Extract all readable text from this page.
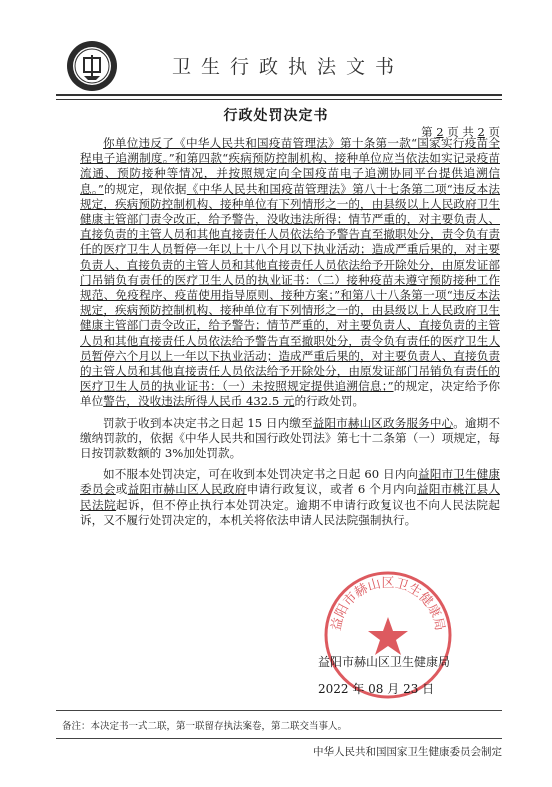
卫生行政执法文书
行政处罚决定书
第 2 页 共 2 页

你单位违反了《中华人民共和国疫苗管理法》第十条第一款“国家实行疫苗全程电子追溯制度。”和第四款“疾病预防控制机构、接种单位应当依法如实记录疫苗流通、预防接种等情况，并按照规定向全国疫苗电子追溯协同平台提供追溯信息。”的规定，现依据《中华人民共和国疫苗管理法》第八十七条第二项“违反本法规定，疾病预防控制机构、接种单位有下列情形之一的，由县级以上人民政府卫生健康主管部门责令改正，给予警告，没收违法所得；情节严重的，对主要负责人、直接负责的主管人员和其他直接责任人员依法给予警告直至撤职处分，责令负有责任的医疗卫生人员暂停一年以上十八个月以下执业活动；造成严重后果的，对主要负责人、直接负责的主管人员和其他直接责任人员依法给予开除处分，由原发证部门吊销负有责任的医疗卫生人员的执业证书：（二）接种疫苗未遵守预防接种工作规范、免疫程序、疫苗使用指导原则、接种方案；”和第八十八条第一项“违反本法规定，疾病预防控制机构、接种单位有下列情形之一的，由县级以上人民政府卫生健康主管部门责令改正，给予警告；情节严重的，对主要负责人、直接负责的主管人员和其他直接责任人员依法给予警告直至撤职处分，责令负有责任的医疗卫生人员暂停六个月以上一年以下执业活动；造成严重后果的，对主要负责人、直接负责的主管人员和其他直接责任人员依法给予开除处分，由原发证部门吊销负有责任的医疗卫生人员的执业证书：（一）未按照规定提供追溯信息；”的规定，决定给予你单位警告，没收违法所得人民币 432.5 元的行政处罚。

罚款于收到本决定书之日起 15 日内缴至益阳市赫山区政务服务中心。逾期不缴纳罚款的，依据《中华人民共和国行政处罚法》第七十二条第（一）项规定，每日按罚款数额的 3%加处罚款。

如不服本处罚决定，可在收到本处罚决定书之日起 60 日内向益阳市卫生健康委员会或益阳市赫山区人民政府申请行政复议，或者 6 个月内向益阳市桃江县人民法院起诉，但不停止执行本处罚决定。逾期不申请行政复议也不向人民法院起诉，又不履行处罚决定的，本机关将依法申请人民法院强制执行。

益阳市赫山区卫生健康局
益阳市赫山区卫生健康局
2022 年 08 月 23 日
备注：本决定书一式二联，第一联留存执法案卷，第二联交当事人。
中华人民共和国国家卫生健康委员会制定
